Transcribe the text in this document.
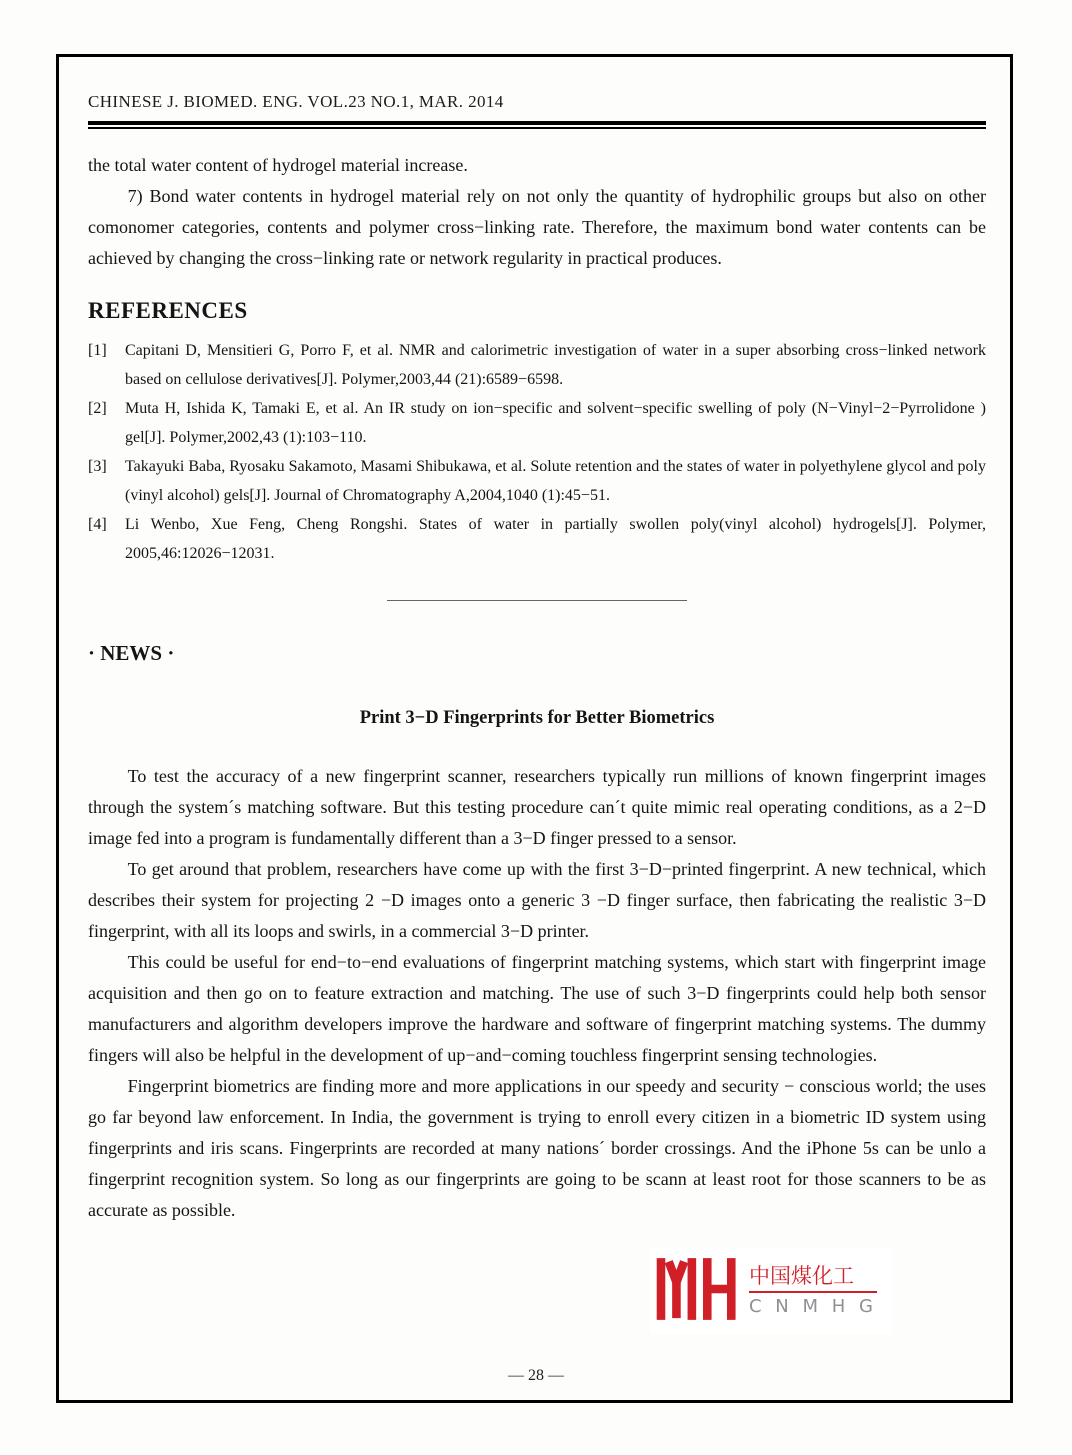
CHINESE J. BIOMED. ENG. VOL.23 NO.1, MAR. 2014

the total water content of hydrogel material increase.

7) Bond water contents in hydrogel material rely on not only the quantity of hydrophilic groups but also on other comonomer categories, contents and polymer cross−linking rate. Therefore, the maximum bond water contents can be achieved by changing the cross−linking rate or network regularity in practical produces.

REFERENCES
[1] Capitani D, Mensitieri G, Porro F, et al. NMR and calorimetric investigation of water in a super absorbing cross−linked network based on cellulose derivatives[J]. Polymer,2003,44 (21):6589−6598.
[2] Muta H, Ishida K, Tamaki E, et al. An IR study on ion−specific and solvent−specific swelling of poly (N−Vinyl−2−Pyrrolidone ) gel[J]. Polymer,2002,43 (1):103−110.
[3] Takayuki Baba, Ryosaku Sakamoto, Masami Shibukawa, et al. Solute retention and the states of water in polyethylene glycol and poly (vinyl alcohol) gels[J]. Journal of Chromatography A,2004,1040 (1):45−51.
[4] Li Wenbo, Xue Feng, Cheng Rongshi. States of water in partially swollen poly(vinyl alcohol) hydrogels[J]. Polymer, 2005,46:12026−12031.
· NEWS ·
Print 3−D Fingerprints for Better Biometrics

To test the accuracy of a new fingerprint scanner, researchers typically run millions of known fingerprint images through the system´s matching software. But this testing procedure can´t quite mimic real operating conditions, as a 2−D image fed into a program is fundamentally different than a 3−D finger pressed to a sensor.

To get around that problem, researchers have come up with the first 3−D−printed fingerprint. A new technical, which describes their system for projecting 2 −D images onto a generic 3 −D finger surface, then fabricating the realistic 3−D fingerprint, with all its loops and swirls, in a commercial 3−D printer.

This could be useful for end−to−end evaluations of fingerprint matching systems, which start with fingerprint image acquisition and then go on to feature extraction and matching. The use of such 3−D fingerprints could help both sensor manufacturers and algorithm developers improve the hardware and software of fingerprint matching systems. The dummy fingers will also be helpful in the development of up−and−coming touchless fingerprint sensing technologies.

Fingerprint biometrics are finding more and more applications in our speedy and security − conscious world; the uses go far beyond law enforcement. In India, the government is trying to enroll every citizen in a biometric ID system using fingerprints and iris scans. Fingerprints are recorded at many nations´ border crossings. And the iPhone 5s can be unlo a fingerprint recognition system. So long as our fingerprints are going to be scann at least root for those scanners to be as accurate as possible.

中国煤化工
C N M H G
— 28 —
